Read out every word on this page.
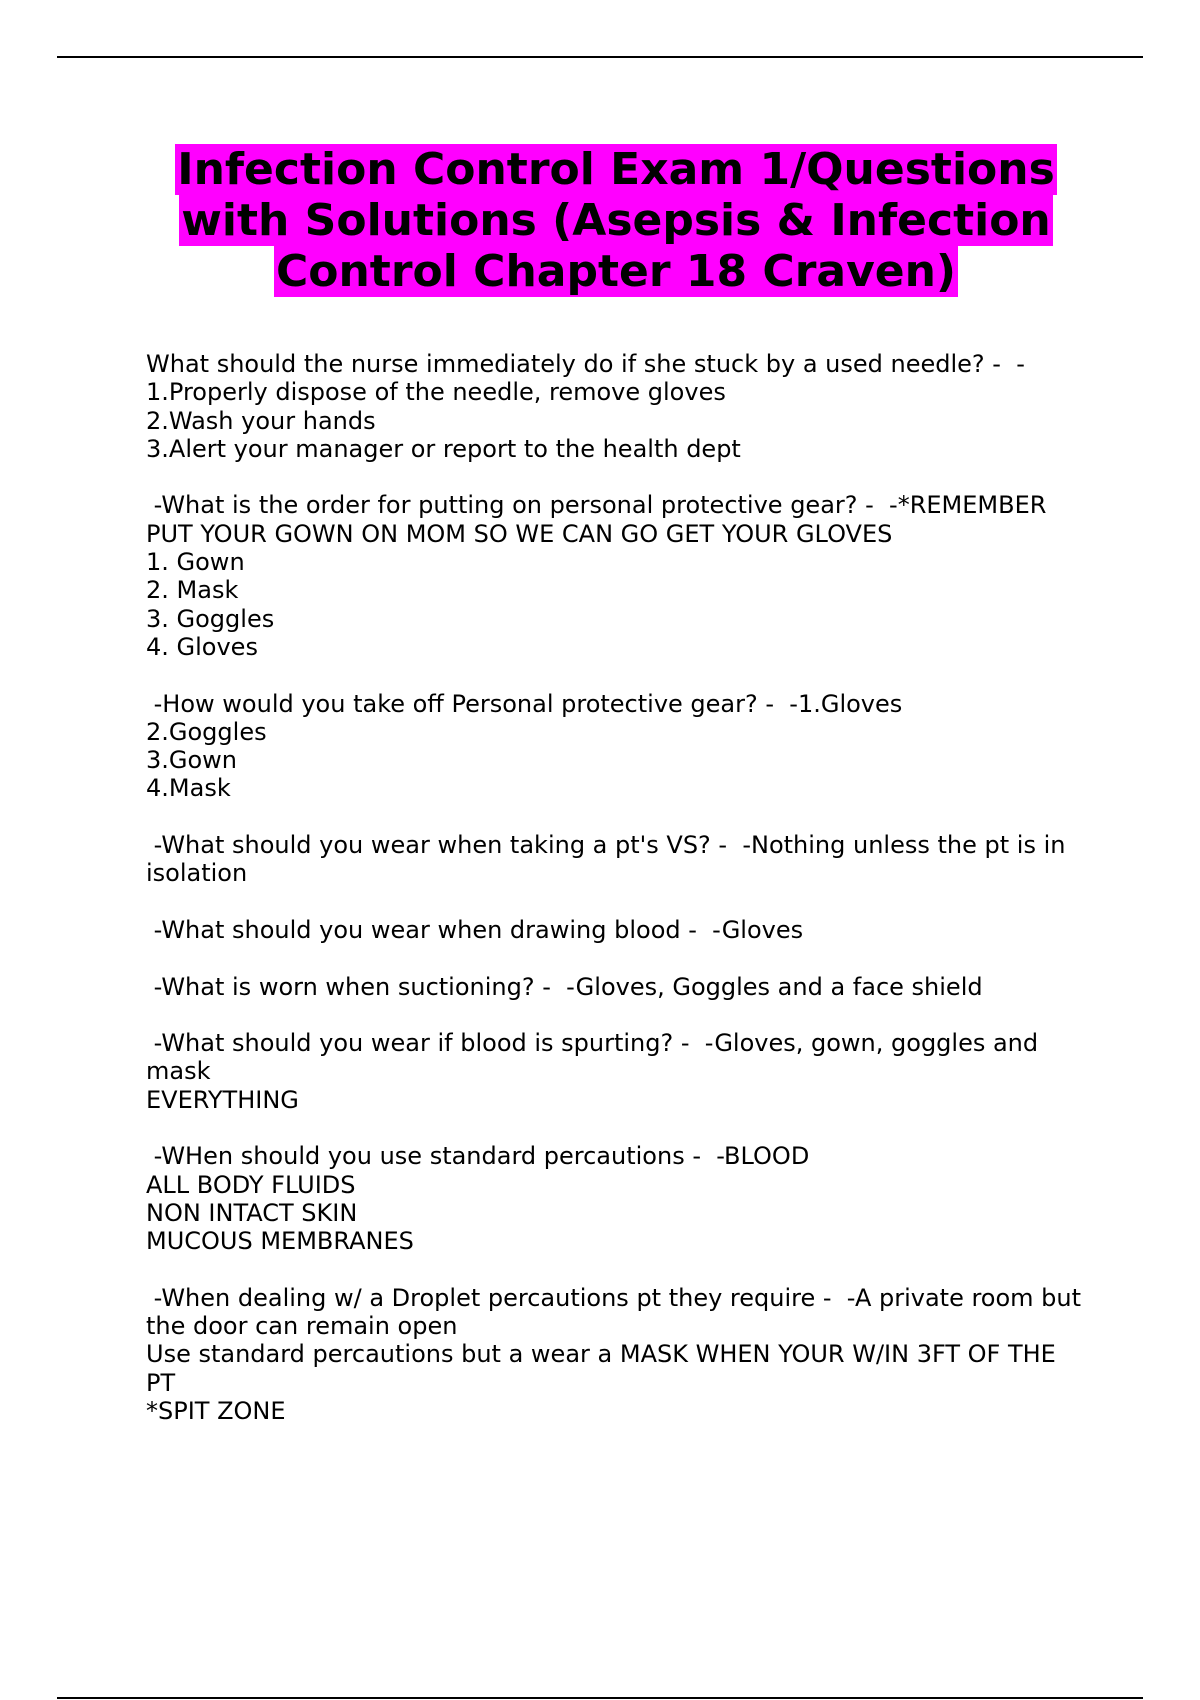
Infection Control Exam 1/Questions with Solutions (Asepsis & Infection Control Chapter 18 Craven)
What should the nurse immediately do if she stuck by a used needle? -  -
1.Properly dispose of the needle, remove gloves
2.Wash your hands
3.Alert your manager or report to the health dept
-What is the order for putting on personal protective gear? -  -*REMEMBER PUT YOUR GOWN ON MOM SO WE CAN GO GET YOUR GLOVES
1. Gown
2. Mask
3. Goggles
4. Gloves
-How would you take off Personal protective gear? -  -1.Gloves
2.Goggles
3.Gown
4.Mask
-What should you wear when taking a pt's VS? -  -Nothing unless the pt is in isolation
-What should you wear when drawing blood -  -Gloves
-What is worn when suctioning? -  -Gloves, Goggles and a face shield
-What should you wear if blood is spurting? -  -Gloves, gown, goggles and mask
EVERYTHING
-WHen should you use standard percautions -  -BLOOD
ALL BODY FLUIDS
NON INTACT SKIN
MUCOUS MEMBRANES
-When dealing w/ a Droplet percautions pt they require -  -A private room but the door can remain open
Use standard percautions but a wear a MASK WHEN YOUR W/IN 3FT OF THE PT
*SPIT ZONE
